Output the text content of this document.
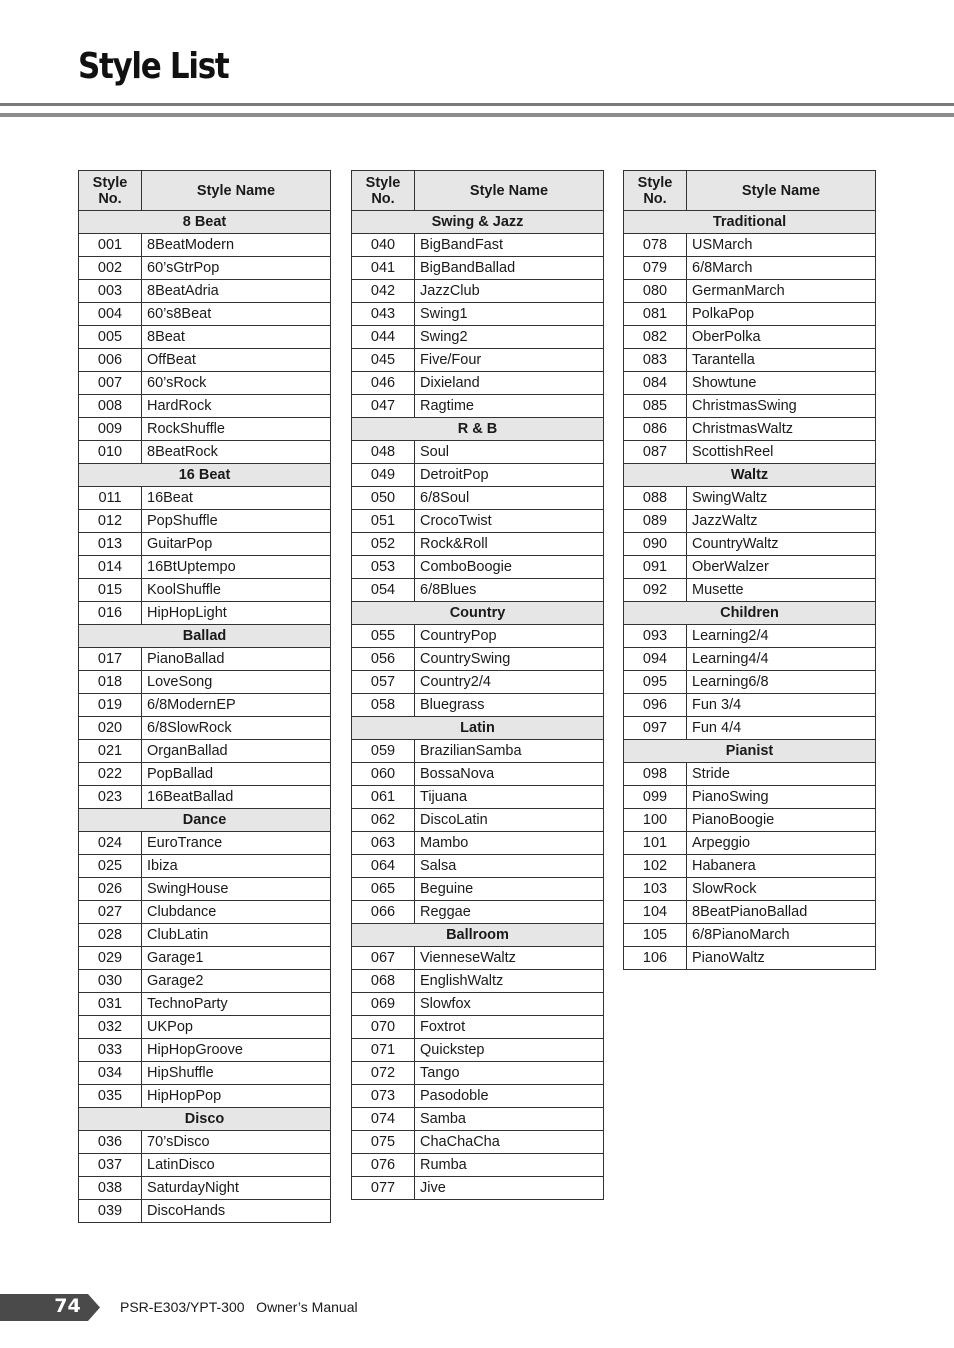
Style List
Style
No.	Style Name
8 Beat	
001	8BeatModern
002	60’sGtrPop
003	8BeatAdria
004	60’s8Beat
005	8Beat
006	OffBeat
007	60’sRock
008	HardRock
009	RockShuffle
010	8BeatRock
16 Beat	
011	16Beat
012	PopShuffle
013	GuitarPop
014	16BtUptempo
015	KoolShuffle
016	HipHopLight
Ballad	
017	PianoBallad
018	LoveSong
019	6/8ModernEP
020	6/8SlowRock
021	OrganBallad
022	PopBallad
023	16BeatBallad
Dance	
024	EuroTrance
025	Ibiza
026	SwingHouse
027	Clubdance
028	ClubLatin
029	Garage1
030	Garage2
031	TechnoParty
032	UKPop
033	HipHopGroove
034	HipShuffle
035	HipHopPop
Disco	
036	70’sDisco
037	LatinDisco
038	SaturdayNight
039	DiscoHands
Style
No.	Style Name
Swing & Jazz	
040	BigBandFast
041	BigBandBallad
042	JazzClub
043	Swing1
044	Swing2
045	Five/Four
046	Dixieland
047	Ragtime
R & B	
048	Soul
049	DetroitPop
050	6/8Soul
051	CrocoTwist
052	Rock&Roll
053	ComboBoogie
054	6/8Blues
Country	
055	CountryPop
056	CountrySwing
057	Country2/4
058	Bluegrass
Latin	
059	BrazilianSamba
060	BossaNova
061	Tijuana
062	DiscoLatin
063	Mambo
064	Salsa
065	Beguine
066	Reggae
Ballroom	
067	VienneseWaltz
068	EnglishWaltz
069	Slowfox
070	Foxtrot
071	Quickstep
072	Tango
073	Pasodoble
074	Samba
075	ChaChaCha
076	Rumba
077	Jive
Style
No.	Style Name
Traditional	
078	USMarch
079	6/8March
080	GermanMarch
081	PolkaPop
082	OberPolka
083	Tarantella
084	Showtune
085	ChristmasSwing
086	ChristmasWaltz
087	ScottishReel
Waltz	
088	SwingWaltz
089	JazzWaltz
090	CountryWaltz
091	OberWalzer
092	Musette
Children	
093	Learning2/4
094	Learning4/4
095	Learning6/8
096	Fun 3/4
097	Fun 4/4
Pianist	
098	Stride
099	PianoSwing
100	PianoBoogie
101	Arpeggio
102	Habanera
103	SlowRock
104	8BeatPianoBallad
105	6/8PianoMarch
106	PianoWaltz
74	PSR-E303/YPT-300   Owner’s Manual
